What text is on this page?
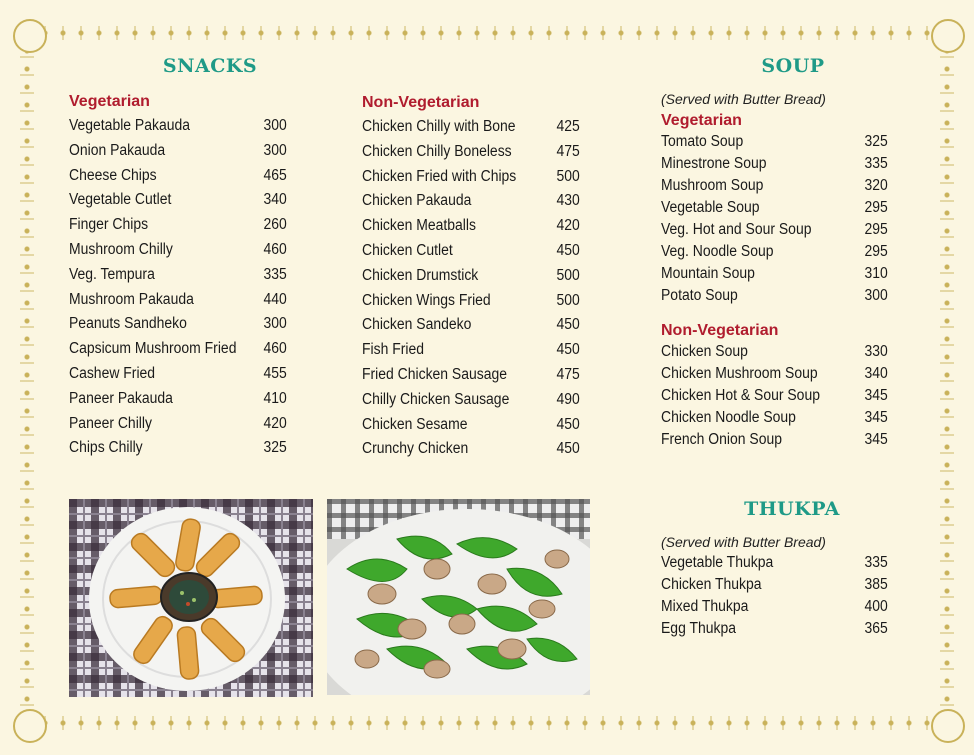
SNACKS
Vegetarian
Vegetable Pakauda	300
Onion Pakauda	300
Cheese Chips	465
Vegetable Cutlet	340
Finger Chips	260
Mushroom Chilly	460
Veg. Tempura	335
Mushroom Pakauda	440
Peanuts Sandheko	300
Capsicum Mushroom Fried	460
Cashew Fried	455
Paneer Pakauda	410
Paneer Chilly	420
Chips Chilly	325
Non-Vegetarian
Chicken Chilly with Bone	425
Chicken Chilly Boneless	475
Chicken Fried with Chips	500
Chicken Pakauda	430
Chicken Meatballs	420
Chicken Cutlet	450
Chicken Drumstick	500
Chicken Wings Fried	500
Chicken Sandeko	450
Fish Fried	450
Fried Chicken Sausage	475
Chilly Chicken Sausage	490
Chicken Sesame	450
Crunchy Chicken	450
SOUP

(Served with Butter Bread)

Vegetarian
Tomato Soup	325
Minestrone Soup	335
Mushroom Soup	320
Vegetable Soup	295
Veg. Hot and Sour Soup	295
Veg. Noodle Soup	295
Mountain Soup	310
Potato Soup	300
Non-Vegetarian
Chicken Soup	330
Chicken Mushroom Soup	340
Chicken Hot & Sour Soup	345
Chicken Noodle Soup	345
French Onion Soup	345
THUKPA

(Served with Butter Bread)

Vegetable Thukpa	335
Chicken Thukpa	385
Mixed Thukpa	400
Egg Thukpa	365
